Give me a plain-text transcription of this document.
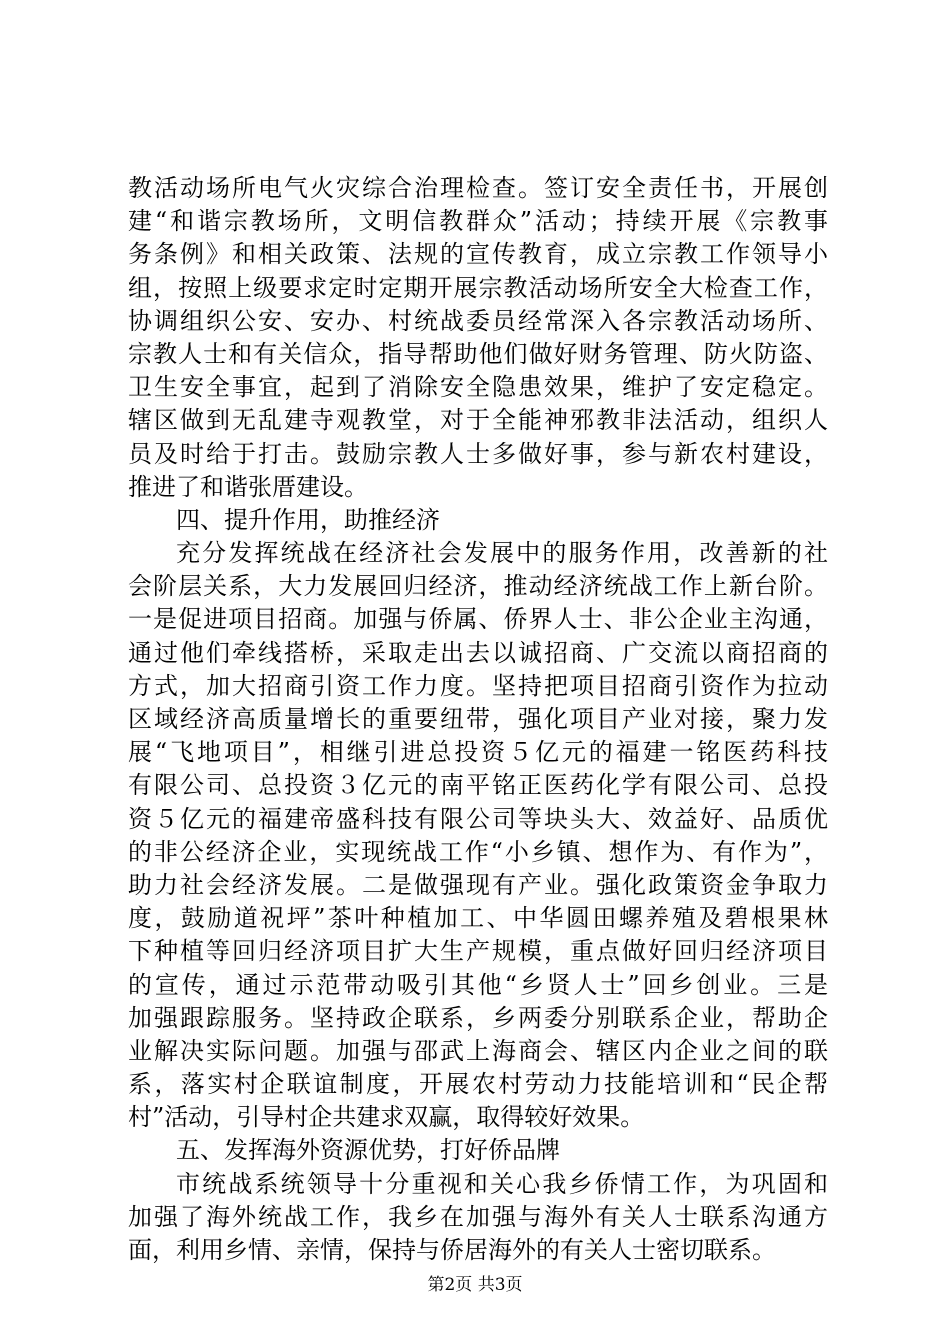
教活动场所电气火灾综合治理检查。签订安全责任书，开展创
建“和谐宗教场所，文明信教群众”活动；持续开展《宗教事
务条例》和相关政策、法规的宣传教育，成立宗教工作领导小
组，按照上级要求定时定期开展宗教活动场所安全大检查工作，
协调组织公安、安办、村统战委员经常深入各宗教活动场所、
宗教人士和有关信众，指导帮助他们做好财务管理、防火防盗、
卫生安全事宜，起到了消除安全隐患效果，维护了安定稳定。
辖区做到无乱建寺观教堂，对于全能神邪教非法活动，组织人
员及时给于打击。鼓励宗教人士多做好事，参与新农村建设，
推进了和谐张厝建设。
四、提升作用，助推经济
充分发挥统战在经济社会发展中的服务作用，改善新的社
会阶层关系，大力发展回归经济，推动经济统战工作上新台阶。
一是促进项目招商。加强与侨属、侨界人士、非公企业主沟通，
通过他们牵线搭桥，采取走出去以诚招商、广交流以商招商的
方式，加大招商引资工作力度。坚持把项目招商引资作为拉动
区域经济高质量增长的重要纽带，强化项目产业对接，聚力发
展“飞地项目”，相继引进总投资５亿元的福建一铭医药科技
有限公司、总投资３亿元的南平铭正医药化学有限公司、总投
资５亿元的福建帝盛科技有限公司等块头大、效益好、品质优
的非公经济企业，实现统战工作“小乡镇、想作为、有作为”，
助力社会经济发展。二是做强现有产业。强化政策资金争取力
度，鼓励道祝坪”茶叶种植加工、中华圆田螺养殖及碧根果林
下种植等回归经济项目扩大生产规模，重点做好回归经济项目
的宣传，通过示范带动吸引其他“乡贤人士”回乡创业。三是
加强跟踪服务。坚持政企联系，乡两委分别联系企业，帮助企
业解决实际问题。加强与邵武上海商会、辖区内企业之间的联
系，落实村企联谊制度，开展农村劳动力技能培训和“民企帮
村”活动，引导村企共建求双赢，取得较好效果。
五、发挥海外资源优势，打好侨品牌
市统战系统领导十分重视和关心我乡侨情工作，为巩固和
加强了海外统战工作，我乡在加强与海外有关人士联系沟通方
面，利用乡情、亲情，保持与侨居海外的有关人士密切联系。
第2页 共3页
